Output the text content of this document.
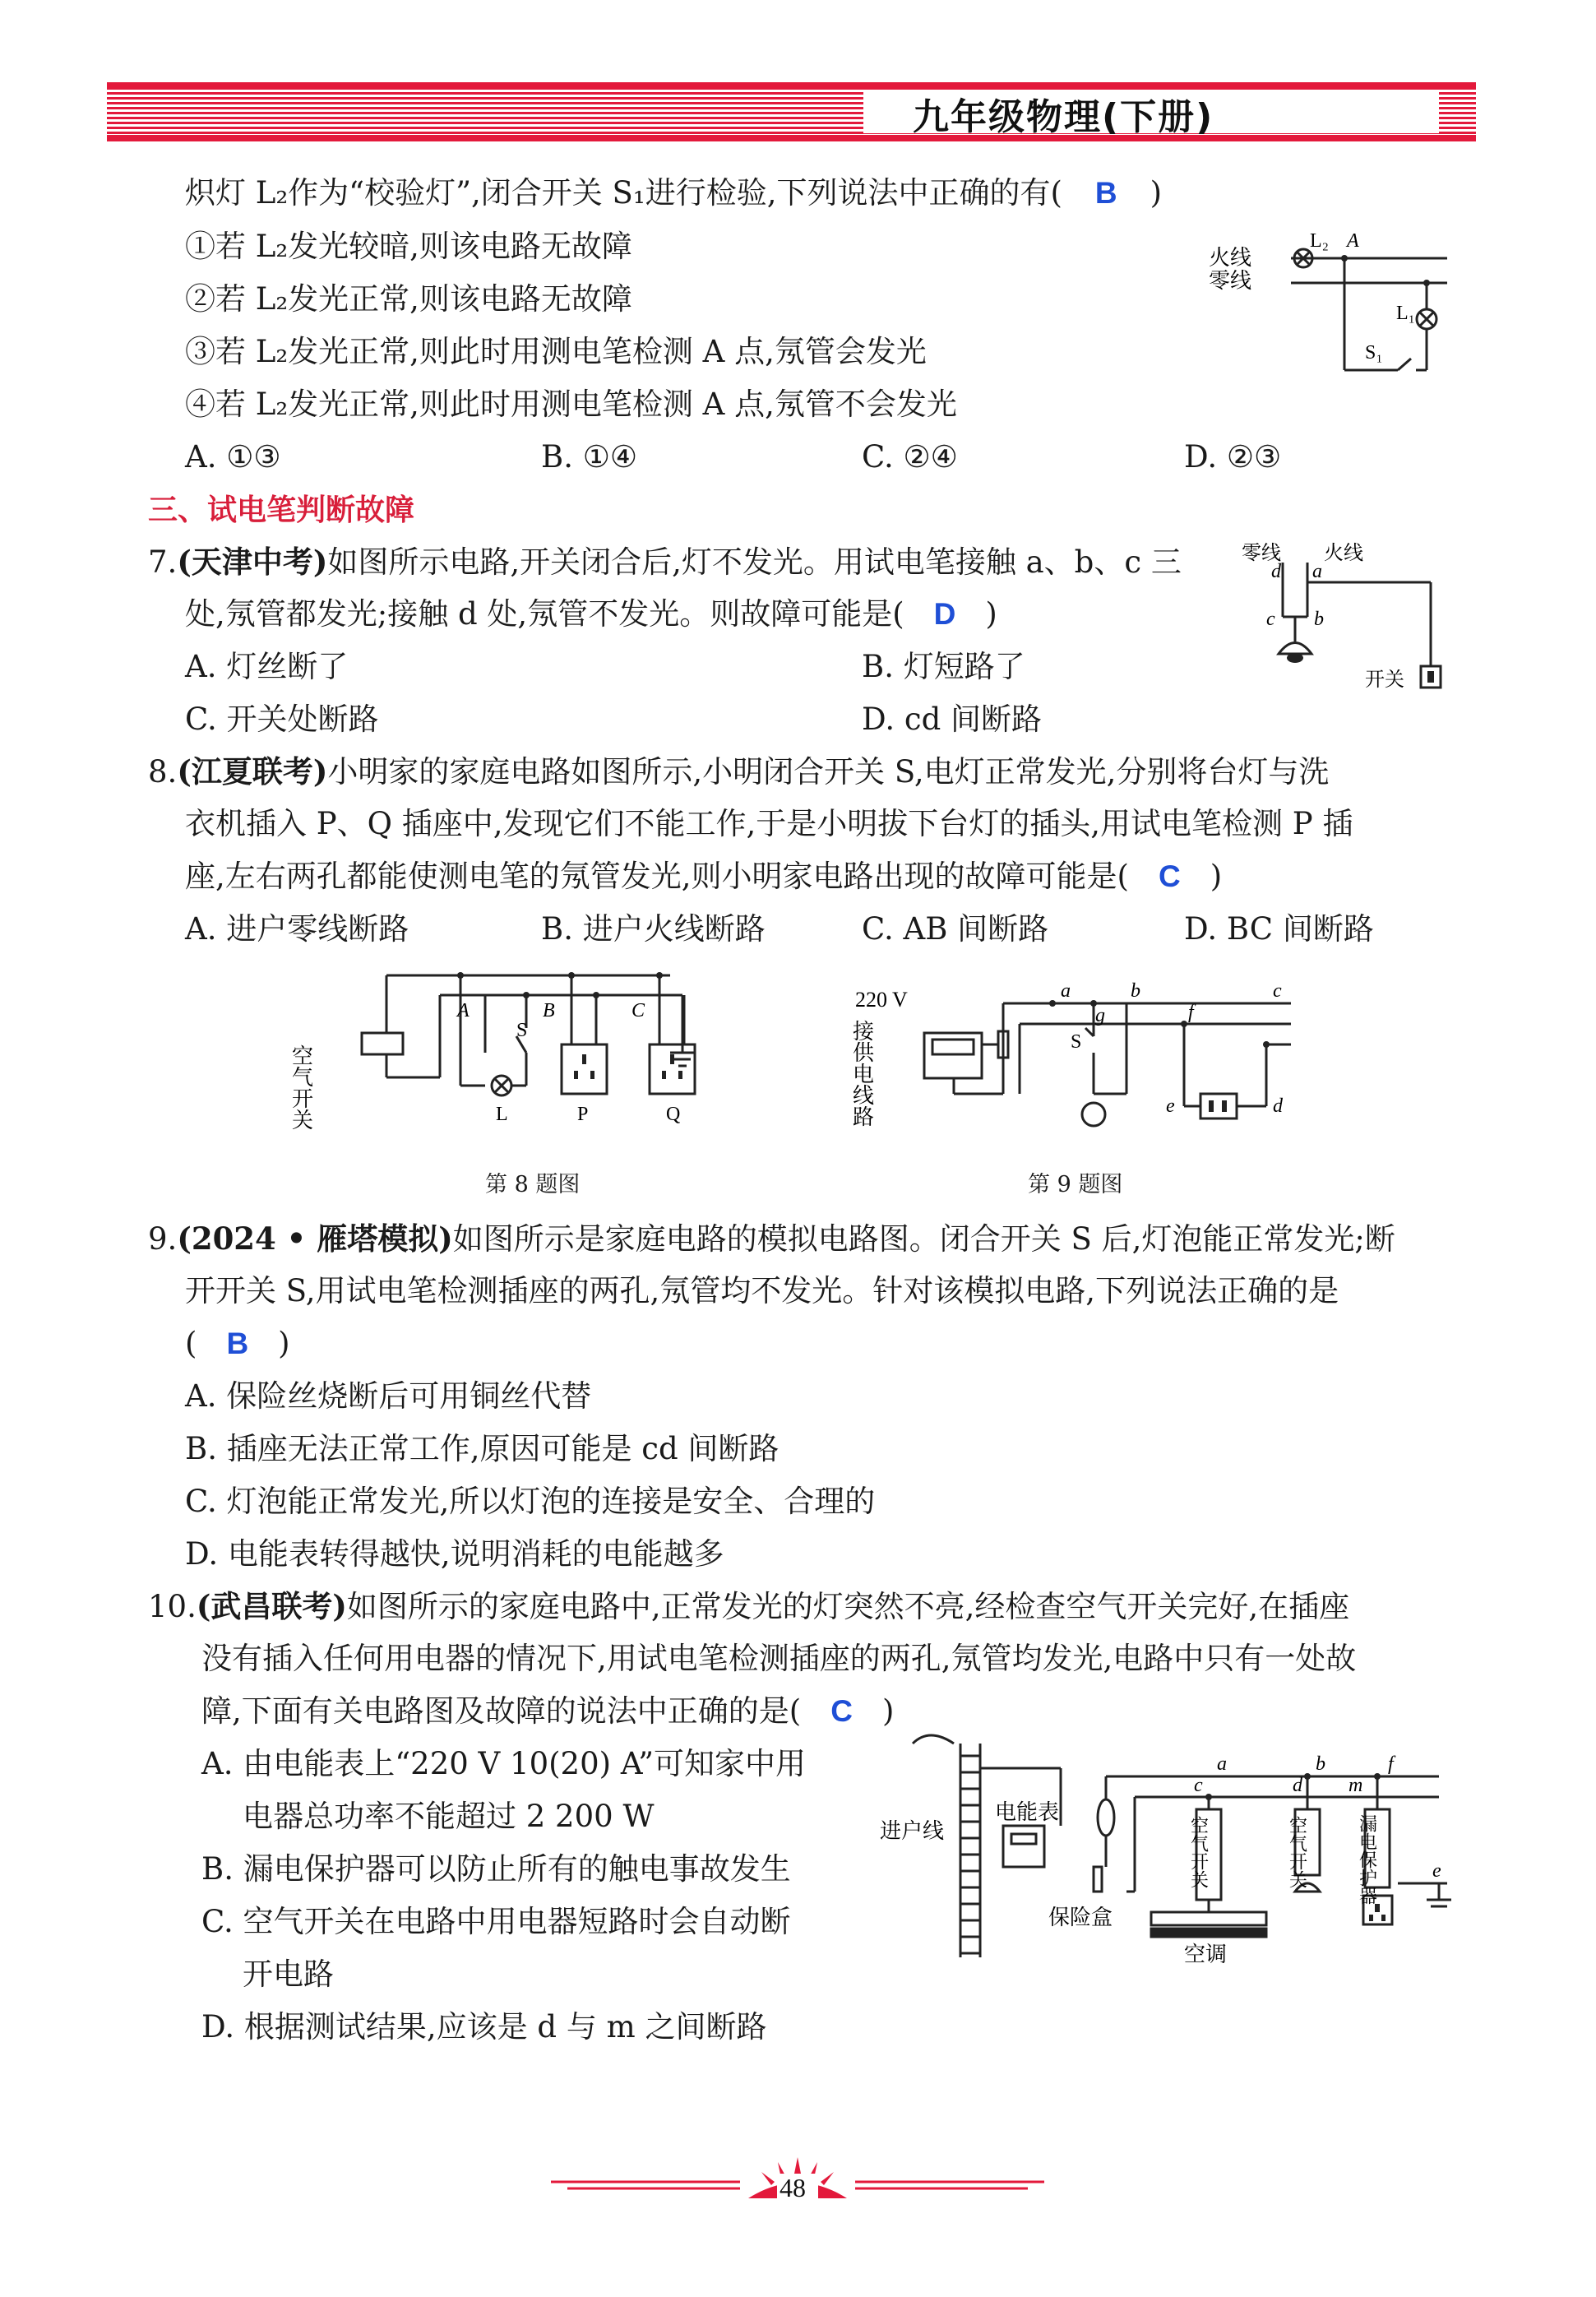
九年级物理(下册)
炽灯 L₂作为“校验灯”,闭合开关 S₁进行检验,下列说法中正确的有( B )
①若 L₂发光较暗,则该电路无故障
②若 L₂发光正常,则该电路无故障
③若 L₂发光正常,则此时用测电笔检测 A 点,氖管会发光
④若 L₂发光正常,则此时用测电笔检测 A 点,氖管不会发光
A. ①③	B. ①④	C. ②④	D. ②③
火线
零线
L₂ A
L₁
S₁
三、试电笔判断故障
7.(天津中考)如图所示电路,开关闭合后,灯不发光。用试电笔接触 a、b、c 三
处,氖管都发光;接触 d 处,氖管不发光。则故障可能是( D )
A. 灯丝断了	B. 灯短路了
C. 开关处断路	D. cd 间断路
零线 火线
d a
c b
开关
8.(江夏联考)小明家的家庭电路如图所示,小明闭合开关 S,电灯正常发光,分别将台灯与洗
衣机插入 P、Q 插座中,发现它们不能工作,于是小明拔下台灯的插头,用试电笔检测 P 插
座,左右两孔都能使测电笔的氖管发光,则小明家电路出现的故障可能是( C )
A. 进户零线断路	B. 进户火线断路	C. AB 间断路	D. BC 间断路
空气开关
A	B	C
S
L	P	Q
第 8 题图
220 V
接供电线路
a	b	c
g	f
S
e	d
第 9 题图
9.(2024 • 雁塔模拟)如图所示是家庭电路的模拟电路图。闭合开关 S 后,灯泡能正常发光;断
开开关 S,用试电笔检测插座的两孔,氖管均不发光。针对该模拟电路,下列说法正确的是
( B )
A. 保险丝烧断后可用铜丝代替
B. 插座无法正常工作,原因可能是 cd 间断路
C. 灯泡能正常发光,所以灯泡的连接是安全、合理的
D. 电能表转得越快,说明消耗的电能越多
10.(武昌联考)如图所示的家庭电路中,正常发光的灯突然不亮,经检查空气开关完好,在插座
没有插入任何用电器的情况下,用试电笔检测插座的两孔,氖管均发光,电路中只有一处故
障,下面有关电路图及故障的说法中正确的是( C )
A. 由电能表上“220 V 10(20) A”可知家中用
电器总功率不能超过 2 200 W
B. 漏电保护器可以防止所有的触电事故发生
C. 空气开关在电路中用电器短路时会自动断
开电路
D. 根据测试结果,应该是 d 与 m 之间断路
进户线
电能表
保险盒
空调
空气开关	空气开关	漏电保护器
a	b	f
c	d m
e
48
